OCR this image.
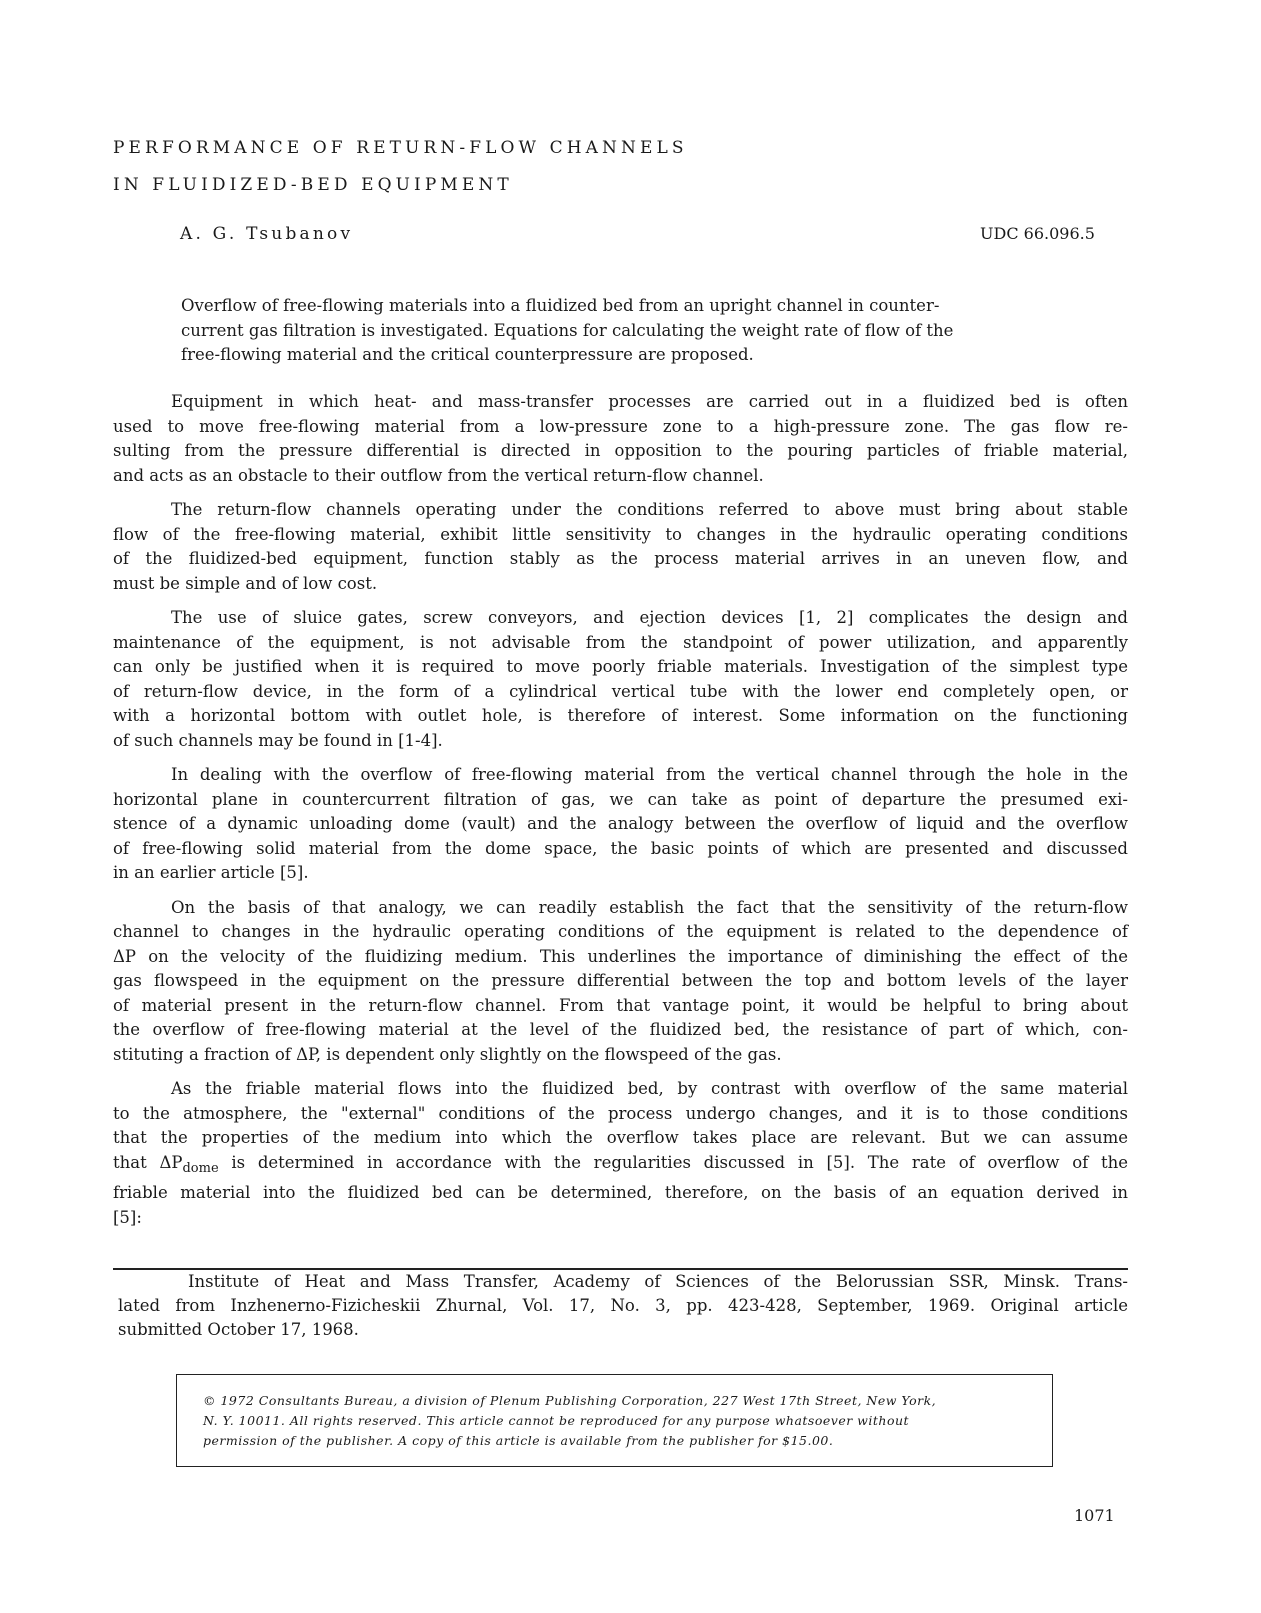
PERFORMANCE OF RETURN-FLOW CHANNELS
IN FLUIDIZED-BED EQUIPMENT
A. G. Tsubanov	UDC 66.096.5
Overflow of free-flowing materials into a fluidized bed from an upright channel in counter-
current gas filtration is investigated. Equations for calculating the weight rate of flow of the
free-flowing material and the critical counterpressure are proposed.
Equipment in which heat- and mass-transfer processes are carried out in a fluidized bed is often
used to move free-flowing material from a low-pressure zone to a high-pressure zone. The gas flow re-
sulting from the pressure differential is directed in opposition to the pouring particles of friable material,
and acts as an obstacle to their outflow from the vertical return-flow channel.
The return-flow channels operating under the conditions referred to above must bring about stable
flow of the free-flowing material, exhibit little sensitivity to changes in the hydraulic operating conditions
of the fluidized-bed equipment, function stably as the process material arrives in an uneven flow, and
must be simple and of low cost.
The use of sluice gates, screw conveyors, and ejection devices [1, 2] complicates the design and
maintenance of the equipment, is not advisable from the standpoint of power utilization, and apparently
can only be justified when it is required to move poorly friable materials. Investigation of the simplest type
of return-flow device, in the form of a cylindrical vertical tube with the lower end completely open, or
with a horizontal bottom with outlet hole, is therefore of interest. Some information on the functioning
of such channels may be found in [1-4].
In dealing with the overflow of free-flowing material from the vertical channel through the hole in the
horizontal plane in countercurrent filtration of gas, we can take as point of departure the presumed exi-
stence of a dynamic unloading dome (vault) and the analogy between the overflow of liquid and the overflow
of free-flowing solid material from the dome space, the basic points of which are presented and discussed
in an earlier article [5].
On the basis of that analogy, we can readily establish the fact that the sensitivity of the return-flow
channel to changes in the hydraulic operating conditions of the equipment is related to the dependence of
ΔP on the velocity of the fluidizing medium. This underlines the importance of diminishing the effect of the
gas flowspeed in the equipment on the pressure differential between the top and bottom levels of the layer
of material present in the return-flow channel. From that vantage point, it would be helpful to bring about
the overflow of free-flowing material at the level of the fluidized bed, the resistance of part of which, con-
stituting a fraction of ΔP, is dependent only slightly on the flowspeed of the gas.
As the friable material flows into the fluidized bed, by contrast with overflow of the same material
to the atmosphere, the "external" conditions of the process undergo changes, and it is to those conditions
that the properties of the medium into which the overflow takes place are relevant. But we can assume
that $\Delta P_{dome}$ is determined in accordance with the regularities discussed in [5]. The rate of overflow of the
friable material into the fluidized bed can be determined, therefore, on the basis of an equation derived in
[5]:
Institute of Heat and Mass Transfer, Academy of Sciences of the Belorussian SSR, Minsk. Trans-
lated from Inzhenerno-Fizicheskii Zhurnal, Vol. 17, No. 3, pp. 423-428, September, 1969. Original article
submitted October 17, 1968.
© 1972 Consultants Bureau, a division of Plenum Publishing Corporation, 227 West 17th Street, New York,
N. Y. 10011. All rights reserved. This article cannot be reproduced for any purpose whatsoever without
permission of the publisher. A copy of this article is available from the publisher for $15.00.
1071
